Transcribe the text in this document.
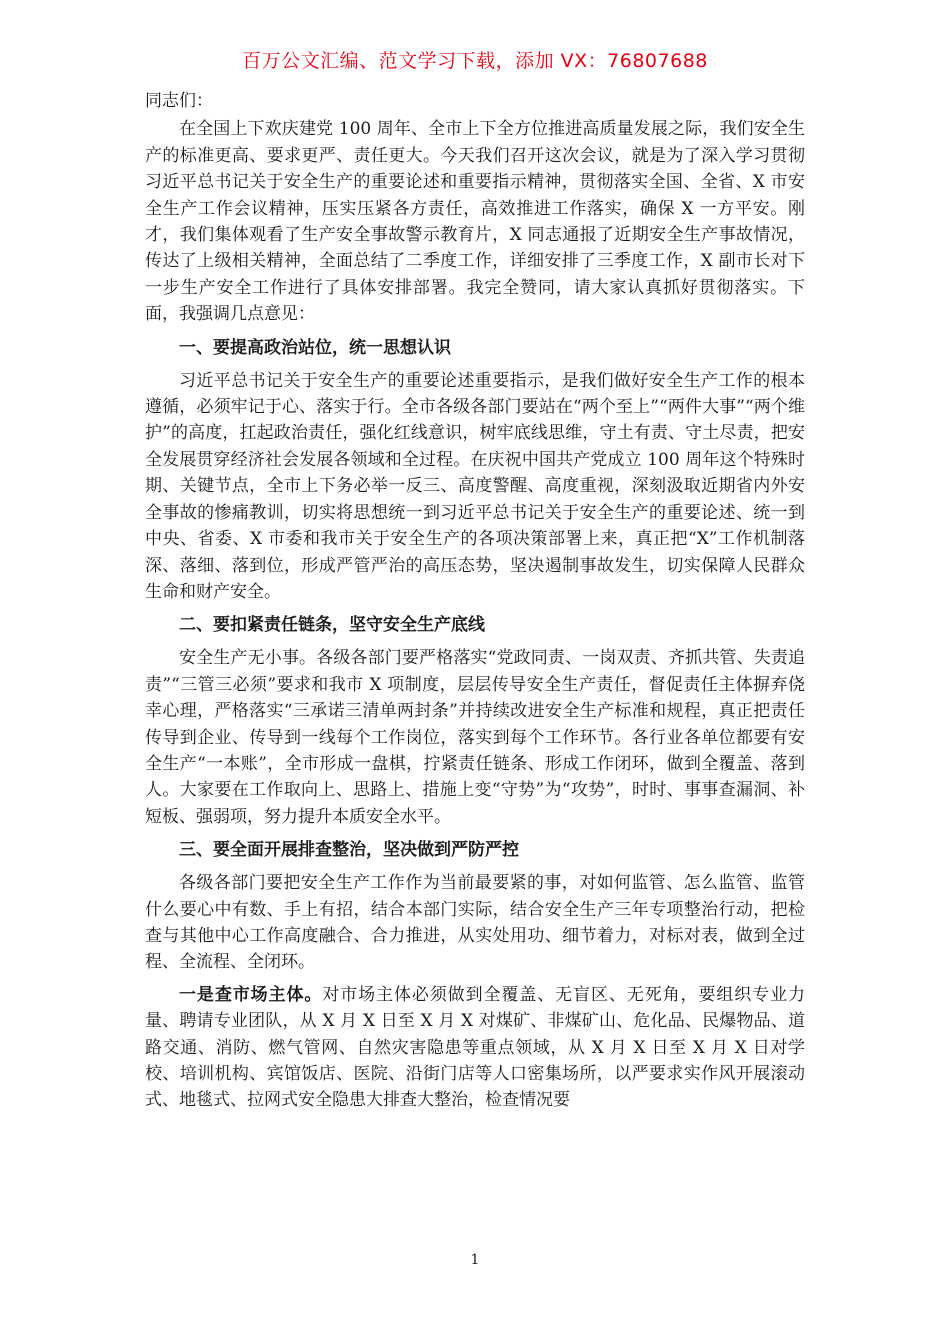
百万公文汇编、范文学习下载，添加 VX：76807688

同志们：

在全国上下欢庆建党 100 周年、全市上下全方位推进高质量发展之际，我们安全生产的标准更高、要求更严、责任更大。今天我们召开这次会议，就是为了深入学习贯彻习近平总书记关于安全生产的重要论述和重要指示精神，贯彻落实全国、全省、X 市安全生产工作会议精神，压实压紧各方责任，高效推进工作落实，确保 X 一方平安。刚才，我们集体观看了生产安全事故警示教育片，X 同志通报了近期安全生产事故情况，传达了上级相关精神，全面总结了二季度工作，详细安排了三季度工作，X 副市长对下一步生产安全工作进行了具体安排部署。我完全赞同，请大家认真抓好贯彻落实。下面，我强调几点意见：

一、要提高政治站位，统一思想认识

习近平总书记关于安全生产的重要论述重要指示，是我们做好安全生产工作的根本遵循，必须牢记于心、落实于行。全市各级各部门要站在“两个至上”“两件大事”“两个维护”的高度，扛起政治责任，强化红线意识，树牢底线思维，守土有责、守土尽责，把安全发展贯穿经济社会发展各领域和全过程。在庆祝中国共产党成立 100 周年这个特殊时期、关键节点，全市上下务必举一反三、高度警醒、高度重视，深刻汲取近期省内外安全事故的惨痛教训，切实将思想统一到习近平总书记关于安全生产的重要论述、统一到中央、省委、X 市委和我市关于安全生产的各项决策部署上来，真正把“X”工作机制落深、落细、落到位，形成严管严治的高压态势，坚决遏制事故发生，切实保障人民群众生命和财产安全。

二、要扣紧责任链条，坚守安全生产底线

安全生产无小事。各级各部门要严格落实“党政同责、一岗双责、齐抓共管、失责追责”“三管三必须”要求和我市 X 项制度，层层传导安全生产责任，督促责任主体摒弃侥幸心理，严格落实“三承诺三清单两封条”并持续改进安全生产标准和规程，真正把责任传导到企业、传导到一线每个工作岗位，落实到每个工作环节。各行业各单位都要有安全生产“一本账”，全市形成一盘棋，拧紧责任链条、形成工作闭环，做到全覆盖、落到人。大家要在工作取向上、思路上、措施上变“守势”为“攻势”，时时、事事查漏洞、补短板、强弱项，努力提升本质安全水平。

三、要全面开展排查整治，坚决做到严防严控

各级各部门要把安全生产工作作为当前最要紧的事，对如何监管、怎么监管、监管什么要心中有数、手上有招，结合本部门实际，结合安全生产三年专项整治行动，把检查与其他中心工作高度融合、合力推进，从实处用功、细节着力，对标对表，做到全过程、全流程、全闭环。

一是查市场主体。对市场主体必须做到全覆盖、无盲区、无死角，要组织专业力量、聘请专业团队，从 X 月 X 日至 X 月 X 对煤矿、非煤矿山、危化品、民爆物品、道路交通、消防、燃气管网、自然灾害隐患等重点领域，从 X 月 X 日至 X 月 X 日对学校、培训机构、宾馆饭店、医院、沿街门店等人口密集场所，以严要求实作风开展滚动式、地毯式、拉网式安全隐患大排查大整治，检查情况要

1
